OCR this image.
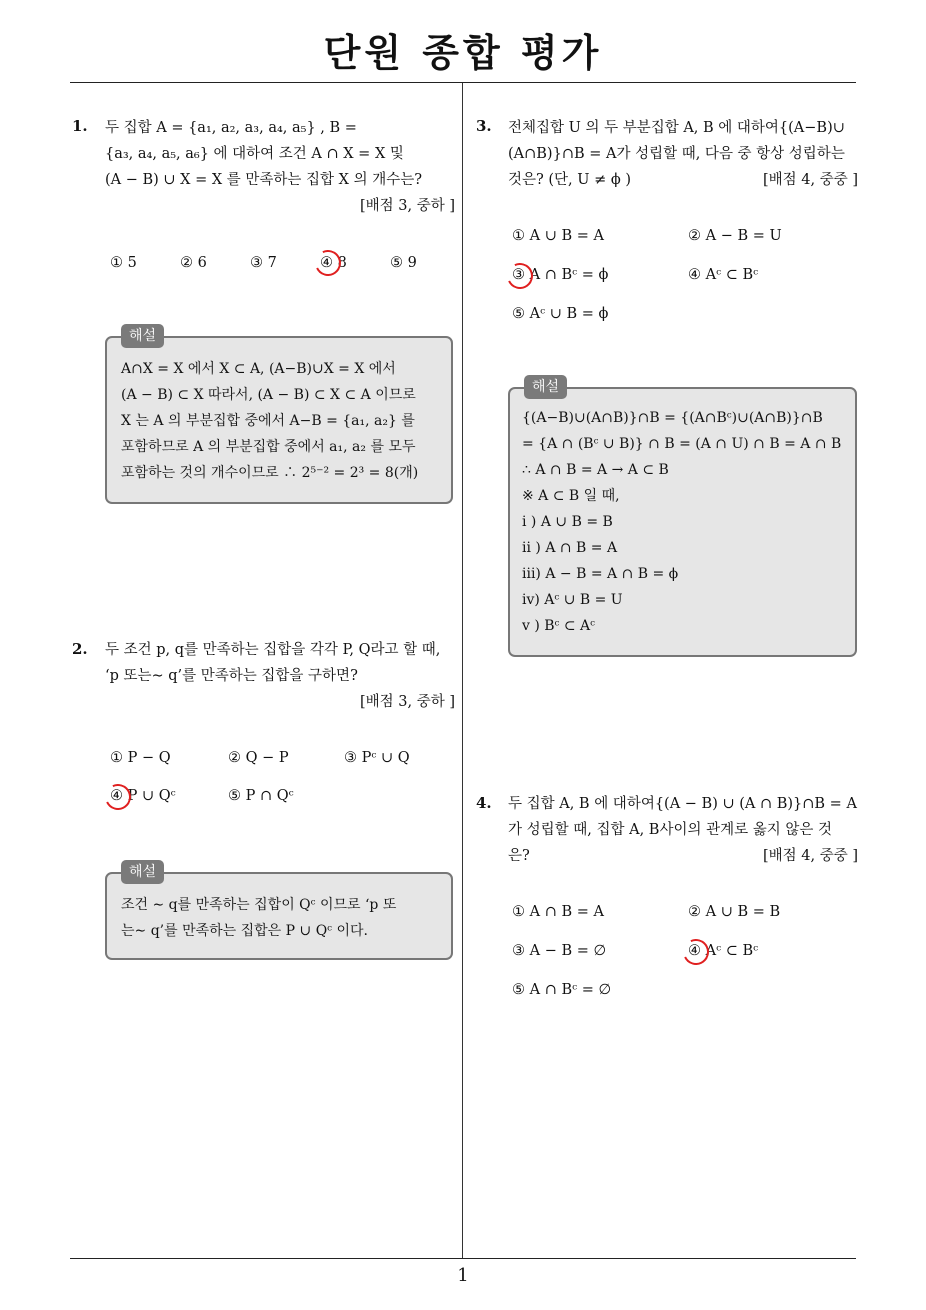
단원 종합 평가
1
1. 두 집합 A = {a₁, a₂, a₃, a₄, a₅} , B =
{a₃, a₄, a₅, a₆} 에 대하여 조건 A ∩ X = X 및
(A − B) ∪ X = X 를 만족하는 집합 X 의 개수는?
[배점 3, 중하 ]
① 5	② 6	③ 7	④ 8	⑤ 9
해설
A∩X = X 에서 X ⊂ A, (A−B)∪X = X 에서
(A − B) ⊂ X 따라서, (A − B) ⊂ X ⊂ A 이므로
X 는 A 의 부분집합 중에서 A−B = {a₁, a₂} 를
포함하므로 A 의 부분집합 중에서 a₁, a₂ 를 모두
포함하는 것의 개수이므로 ∴ 2⁵⁻² = 2³ = 8(개)
2. 두 조건 p, q를 만족하는 집합을 각각 P, Q라고 할 때,
‘p 또는∼ q’를 만족하는 집합을 구하면?
[배점 3, 중하 ]
① P − Q	② Q − P	③ Pᶜ ∪ Q
④ P ∪ Qᶜ	⑤ P ∩ Qᶜ
해설
조건 ∼ q를 만족하는 집합이 Qᶜ 이므로 ‘p 또
는∼ q’를 만족하는 집합은 P ∪ Qᶜ 이다.
3. 전체집합 U 의 두 부분집합 A, B 에 대하여{(A−B)∪
(A∩B)}∩B = A가 성립할 때, 다음 중 항상 성립하는
것은? (단, U ≠ ϕ )	[배점 4, 중중 ]
① A ∪ B = A	② A − B = U
③ A ∩ Bᶜ = ϕ	④ Aᶜ ⊂ Bᶜ
⑤ Aᶜ ∪ B = ϕ
해설
{(A−B)∪(A∩B)}∩B = {(A∩Bᶜ)∪(A∩B)}∩B
= {A ∩ (Bᶜ ∪ B)} ∩ B = (A ∩ U) ∩ B = A ∩ B
∴ A ∩ B = A → A ⊂ B
※ A ⊂ B 일 때,
i ) A ∪ B = B
ii ) A ∩ B = A
iii) A − B = A ∩ B = ϕ
iv) Aᶜ ∪ B = U
v ) Bᶜ ⊂ Aᶜ
4. 두 집합 A, B 에 대하여{(A − B) ∪ (A ∩ B)}∩B = A
가 성립할 때, 집합 A, B사이의 관계로 옳지 않은 것
은?	[배점 4, 중중 ]
① A ∩ B = A	② A ∪ B = B
③ A − B = ∅	④ Aᶜ ⊂ Bᶜ
⑤ A ∩ Bᶜ = ∅
